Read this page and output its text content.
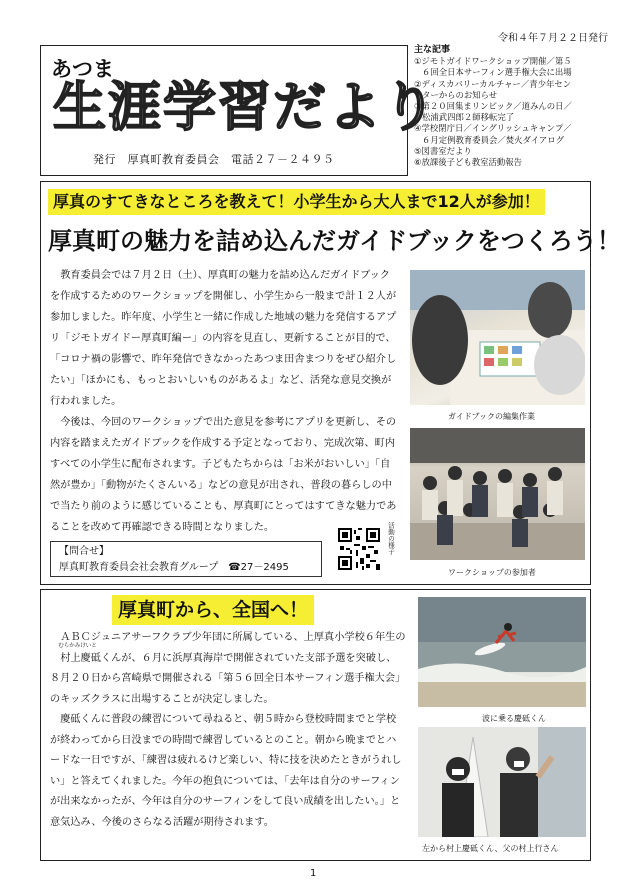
令和４年７月２２日発行
あつま
生涯学習だより
発行　厚真町教育委員会　電話２７－２４９５
主な記事
①ジモトガイドワークショップ開催／第５
６回全日本サーフィン選手権大会に出場
②ディスカバリーカルチャー／青少年セン
ターからのお知らせ
③第２０回集まリンピック／道みんの日／
松浦武四郎２師移転完了
④学校閉庁日／イングリッシュキャンプ／
６月定例教育委員会／焚火ダイアログ
⑤図書室だより
⑥放課後子ども教室活動報告
厚真のすてきなところを教えて！小学生から大人まで12人が参加！
厚真町の魅力を詰め込んだガイドブックをつくろう！

教育委員会では７月２日（土）、厚真町の魅力を詰め込んだガイドブックを作成するためのワークショップを開催し、小学生から一般まで計１２人が参加しました。昨年度、小学生と一緒に作成した地域の魅力を発信するアプリ「ジモトガイドー厚真町編ー」の内容を見直し、更新することが目的で、「コロナ禍の影響で、昨年発信できなかったあつま田舎まつりをぜひ紹介したい」「ほかにも、もっとおいしいものがあるよ」など、活発な意見交換が行われました。

今後は、今回のワークショップで出た意見を参考にアプリを更新し、その内容を踏まえたガイドブックを作成する予定となっており、完成次第、町内すべての小学生に配布されます。子どもたちからは「お米がおいしい」「自然が豊か」「動物がたくさんいる」などの意見が出され、普段の暮らしの中で当たり前のように感じていることも、厚真町にとってはすてきな魅力であることを改めて再確認できる時間となりました。

ガイドブックの編集作業
ワークショップの参加者
【問合せ】
厚真町教育委員会社会教育グループ　☎27－2495
活動の様子
厚真町から、全国へ！

ＡＢＣジュニアサーフクラブ少年団に所属している、上厚真小学校６年生の
むらかみけいと
村上慶砥くんが、６月に浜厚真海岸で開催されていた支部予選を突破し、８月２０日から宮崎県で開催される「第５６回全日本サーフィン選手権大会」のキッズクラスに出場することが決定しました。

慶砥くんに普段の練習について尋ねると、朝５時から登校時間までと学校が終わってから日没までの時間で練習しているとのこと。朝から晩までとハードな一日ですが、「練習は疲れるけど楽しい、特に技を決めたときがうれしい」と答えてくれました。今年の抱負については、「去年は自分のサーフィンが出来なかったが、今年は自分のサーフィンをして良い成績を出したい。」と意気込み、今後のさらなる活躍が期待されます。

波に乗る慶砥くん
左から村上慶砥くん、父の村上行さん
1
